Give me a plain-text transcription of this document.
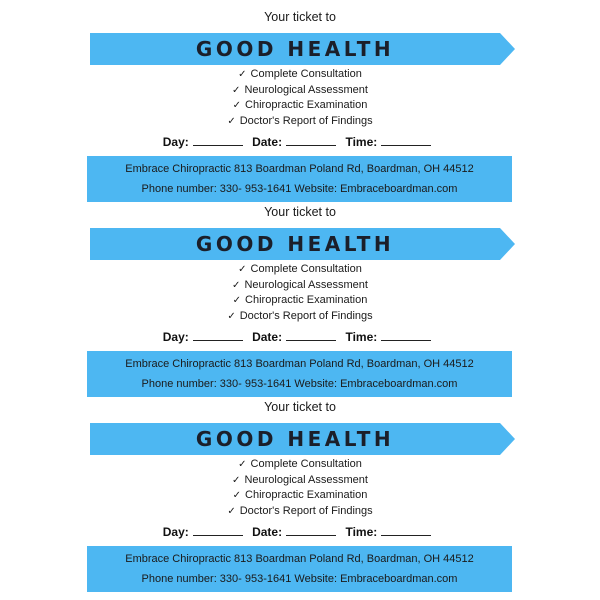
Your ticket to
GOOD HEALTH
✓ Complete Consultation
✓ Neurological Assessment
✓ Chiropractic Examination
✓ Doctor's Report of Findings
Day:	Date:	Time:
Embrace Chiropractic 813 Boardman Poland Rd, Boardman, OH 44512
Phone number: 330- 953-1641 Website: Embraceboardman.com
Your ticket to
GOOD HEALTH
✓ Complete Consultation
✓ Neurological Assessment
✓ Chiropractic Examination
✓ Doctor's Report of Findings
Day:	Date:	Time:
Embrace Chiropractic 813 Boardman Poland Rd, Boardman, OH 44512
Phone number: 330- 953-1641 Website: Embraceboardman.com
Your ticket to
GOOD HEALTH
✓ Complete Consultation
✓ Neurological Assessment
✓ Chiropractic Examination
✓ Doctor's Report of Findings
Day:	Date:	Time:
Embrace Chiropractic 813 Boardman Poland Rd, Boardman, OH 44512
Phone number: 330- 953-1641 Website: Embraceboardman.com
